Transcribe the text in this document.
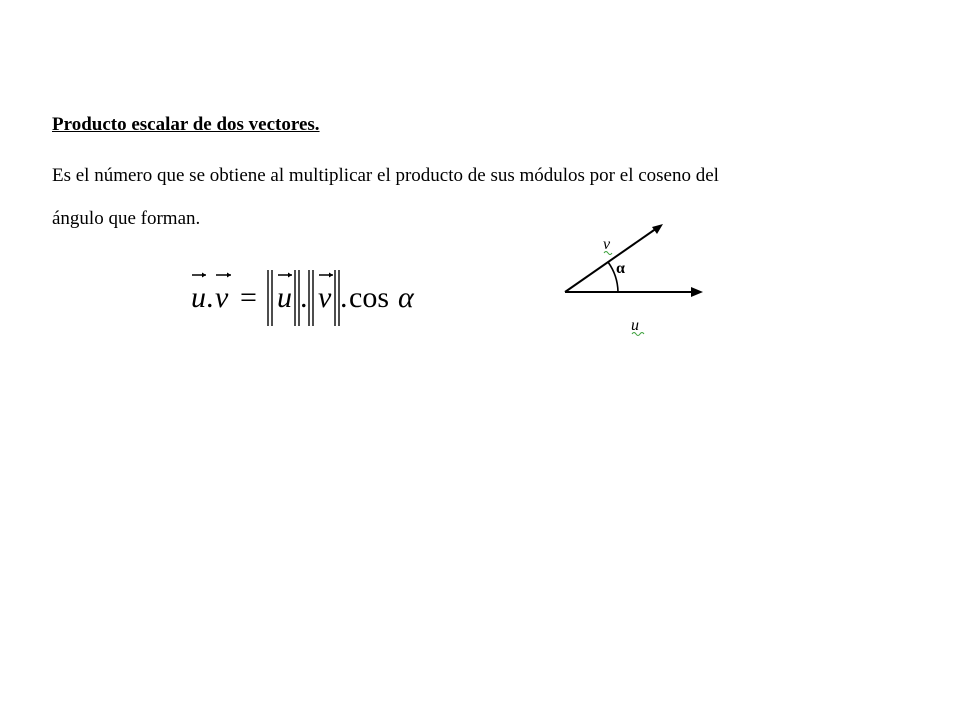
Producto escalar de dos vectores.

Es el número que se obtiene al multiplicar el producto de sus módulos por el coseno del
ángulo que forman.

u . v = u . v . cos α
α
v
u
